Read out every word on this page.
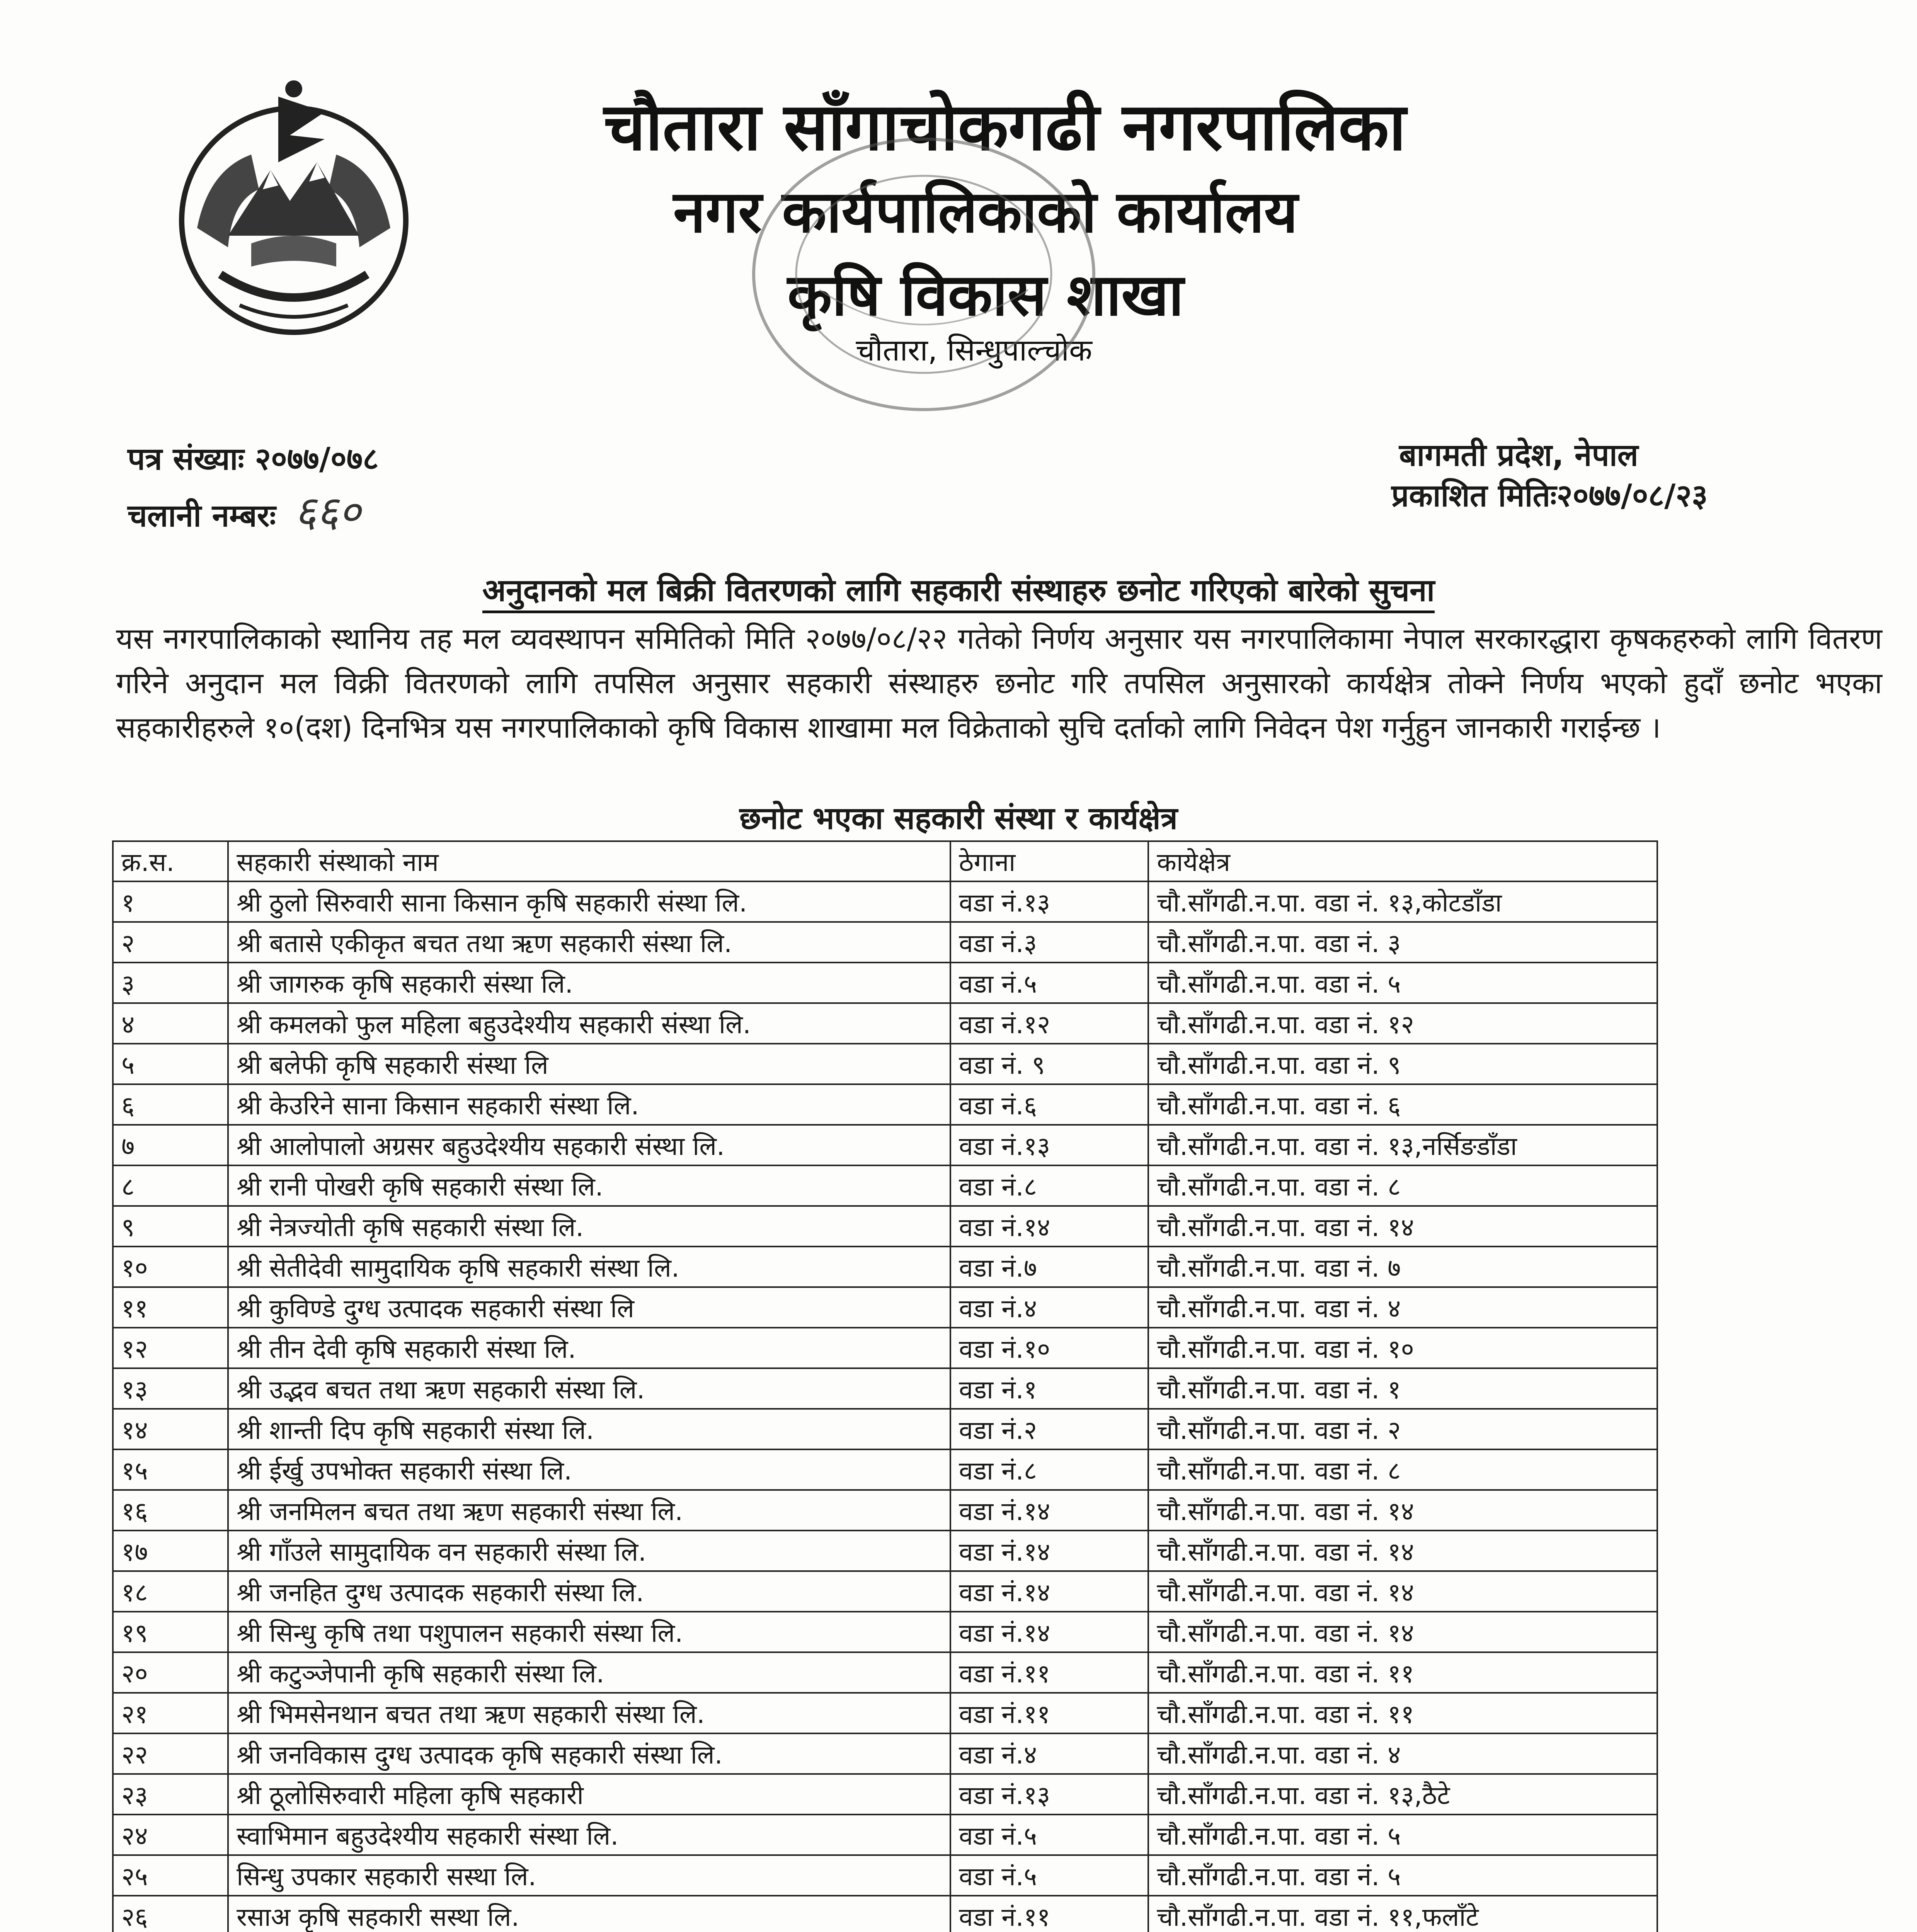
चौतारा साँगाचोकगढी नगरपालिका
नगर कार्यपालिकाको कार्यालय
कृषि विकास शाखा
चौतारा, सिन्धुपाल्चोक
पत्र संख्याः २०७७/०७८
चलानी नम्बरः ६६०
बागमती प्रदेश, नेपाल
प्रकाशित मितिः२०७७/०८/२३
अनुदानको मल बिक्री वितरणको लागि सहकारी संस्थाहरु छनोट गरिएको बारेको सुचना
यस नगरपालिकाको स्थानिय तह मल व्यवस्थापन समितिको मिति २०७७/०८/२२ गतेको निर्णय अनुसार यस नगरपालिकामा नेपाल सरकारद्धारा कृषकहरुको लागि वितरण गरिने अनुदान मल विक्री वितरणको लागि तपसिल अनुसार सहकारी संस्थाहरु छनोट गरि तपसिल अनुसारको कार्यक्षेत्र तोक्ने निर्णय भएको हुदाँ छनोट भएका सहकारीहरुले १०(दश) दिनभित्र यस नगरपालिकाको कृषि विकास शाखामा मल विक्रेताको सुचि दर्ताको लागि निवेदन पेश गर्नुहुन जानकारी गराईन्छ ।
छनोट भएका सहकारी संस्था र कार्यक्षेत्र
क्र.स.	सहकारी संस्थाको नाम	ठेगाना	कायेक्षेत्र
१	श्री ठुलो सिरुवारी साना किसान कृषि सहकारी संस्था लि.	वडा नं.१३	चौ.साँगढी.न.पा. वडा नं. १३,कोटडाँडा
२	श्री बतासे एकीकृत बचत तथा ऋण सहकारी संस्था लि.	वडा नं.३	चौ.साँगढी.न.पा. वडा नं. ३
३	श्री जागरुक कृषि सहकारी संस्था लि.	वडा नं.५	चौ.साँगढी.न.पा. वडा नं. ५
४	श्री कमलको फुल महिला बहुउदेश्यीय सहकारी संस्था लि.	वडा नं.१२	चौ.साँगढी.न.पा. वडा नं. १२
५	श्री बलेफी कृषि सहकारी संस्था लि	वडा नं. ९	चौ.साँगढी.न.पा. वडा नं. ९
६	श्री केउरिने साना किसान सहकारी संस्था लि.	वडा नं.६	चौ.साँगढी.न.पा. वडा नं. ६
७	श्री आलोपालो अग्रसर बहुउदेश्यीय सहकारी संस्था लि.	वडा नं.१३	चौ.साँगढी.न.पा. वडा नं. १३,नर्सिङडाँडा
८	श्री रानी पोखरी कृषि सहकारी संस्था लि.	वडा नं.८	चौ.साँगढी.न.पा. वडा नं. ८
९	श्री नेत्रज्योती कृषि सहकारी संस्था लि.	वडा नं.१४	चौ.साँगढी.न.पा. वडा नं. १४
१०	श्री सेतीदेवी सामुदायिक कृषि सहकारी संस्था लि.	वडा नं.७	चौ.साँगढी.न.पा. वडा नं. ७
११	श्री कुविण्डे दुग्ध उत्पादक सहकारी संस्था लि	वडा नं.४	चौ.साँगढी.न.पा. वडा नं. ४
१२	श्री तीन देवी कृषि सहकारी संस्था लि.	वडा नं.१०	चौ.साँगढी.न.पा. वडा नं. १०
१३	श्री उद्भव बचत तथा ऋण सहकारी संस्था लि.	वडा नं.१	चौ.साँगढी.न.पा. वडा नं. १
१४	श्री शान्ती दिप कृषि सहकारी संस्था लि.	वडा नं.२	चौ.साँगढी.न.पा. वडा नं. २
१५	श्री ईर्खु उपभोक्त सहकारी संस्था लि.	वडा नं.८	चौ.साँगढी.न.पा. वडा नं. ८
१६	श्री जनमिलन बचत तथा ऋण सहकारी संस्था लि.	वडा नं.१४	चौ.साँगढी.न.पा. वडा नं. १४
१७	श्री गाँउले सामुदायिक वन सहकारी संस्था लि.	वडा नं.१४	चौ.साँगढी.न.पा. वडा नं. १४
१८	श्री जनहित दुग्ध उत्पादक सहकारी संस्था लि.	वडा नं.१४	चौ.साँगढी.न.पा. वडा नं. १४
१९	श्री सिन्धु कृषि तथा पशुपालन सहकारी संस्था लि.	वडा नं.१४	चौ.साँगढी.न.पा. वडा नं. १४
२०	श्री कटुञ्जेपानी कृषि सहकारी संस्था लि.	वडा नं.११	चौ.साँगढी.न.पा. वडा नं. ११
२१	श्री भिमसेनथान बचत तथा ऋण सहकारी संस्था लि.	वडा नं.११	चौ.साँगढी.न.पा. वडा नं. ११
२२	श्री जनविकास दुग्ध उत्पादक कृषि सहकारी संस्था लि.	वडा नं.४	चौ.साँगढी.न.पा. वडा नं. ४
२३	श्री ठूलोसिरुवारी महिला कृषि सहकारी	वडा नं.१३	चौ.साँगढी.न.पा. वडा नं. १३,ठैटे
२४	स्वाभिमान बहुउदेश्यीय सहकारी संस्था लि.	वडा नं.५	चौ.साँगढी.न.पा. वडा नं. ५
२५	सिन्धु उपकार सहकारी सस्था लि.	वडा नं.५	चौ.साँगढी.न.पा. वडा नं. ५
२६	रसाअ कृषि सहकारी सस्था लि.	वडा नं.११	चौ.साँगढी.न.पा. वडा नं. ११,फलाँटे
